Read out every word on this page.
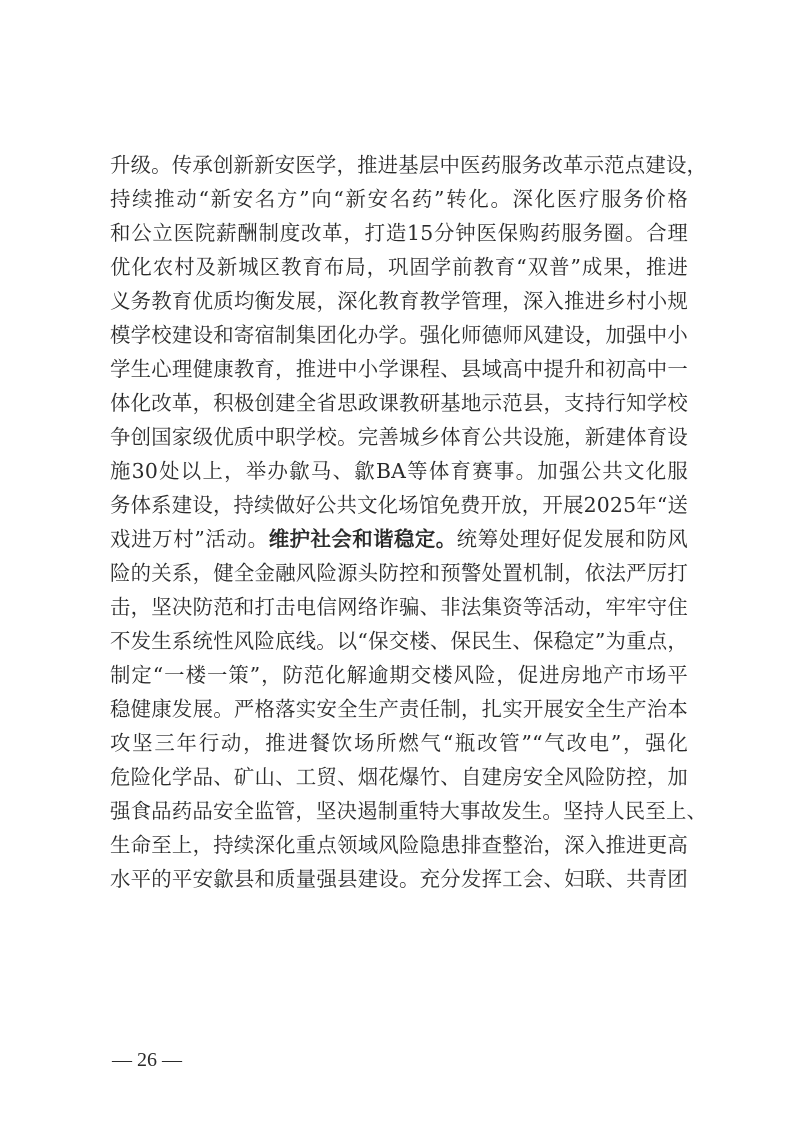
升级。传承创新新安医学，推进基层中医药服务改革示范点建设，
持续推动“新安名方”向“新安名药”转化。深化医疗服务价格
和公立医院薪酬制度改革，打造15分钟医保购药服务圈。合理
优化农村及新城区教育布局，巩固学前教育“双普”成果，推进
义务教育优质均衡发展，深化教育教学管理，深入推进乡村小规
模学校建设和寄宿制集团化办学。强化师德师风建设，加强中小
学生心理健康教育，推进中小学课程、县域高中提升和初高中一
体化改革，积极创建全省思政课教研基地示范县，支持行知学校
争创国家级优质中职学校。完善城乡体育公共设施，新建体育设
施30处以上，举办歙马、歙BA等体育赛事。加强公共文化服
务体系建设，持续做好公共文化场馆免费开放，开展2025年“送
戏进万村”活动。维护社会和谐稳定。统筹处理好促发展和防风
险的关系，健全金融风险源头防控和预警处置机制，依法严厉打
击，坚决防范和打击电信网络诈骗、非法集资等活动，牢牢守住
不发生系统性风险底线。以“保交楼、保民生、保稳定”为重点，
制定“一楼一策”，防范化解逾期交楼风险，促进房地产市场平
稳健康发展。严格落实安全生产责任制，扎实开展安全生产治本
攻坚三年行动，推进餐饮场所燃气“瓶改管”“气改电”，强化
危险化学品、矿山、工贸、烟花爆竹、自建房安全风险防控，加
强食品药品安全监管，坚决遏制重特大事故发生。坚持人民至上、
生命至上，持续深化重点领域风险隐患排查整治，深入推进更高
水平的平安歙县和质量强县建设。充分发挥工会、妇联、共青团
— 26 —
